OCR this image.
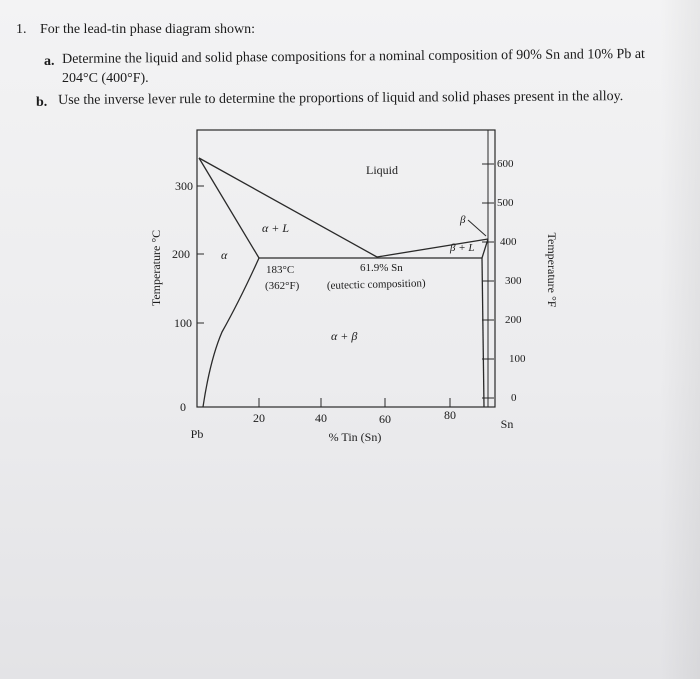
1. For the lead-tin phase diagram shown:
a. Determine the liquid and solid phase compositions for a nominal composition of 90% Sn and 10% Pb at
204°C (400°F).
b. Use the inverse lever rule to determine the proportions of liquid and solid phases present in the alloy.
0
100
200
300
Temperature °C
600
500
400
300
200
100
0
Temperature °F
20	40	60	80
Pb
Sn
% Tin (Sn)
Liquid
α + L
α
β
β + L
α + β
183°C
(362°F)
61.9% Sn
(eutectic composition)
